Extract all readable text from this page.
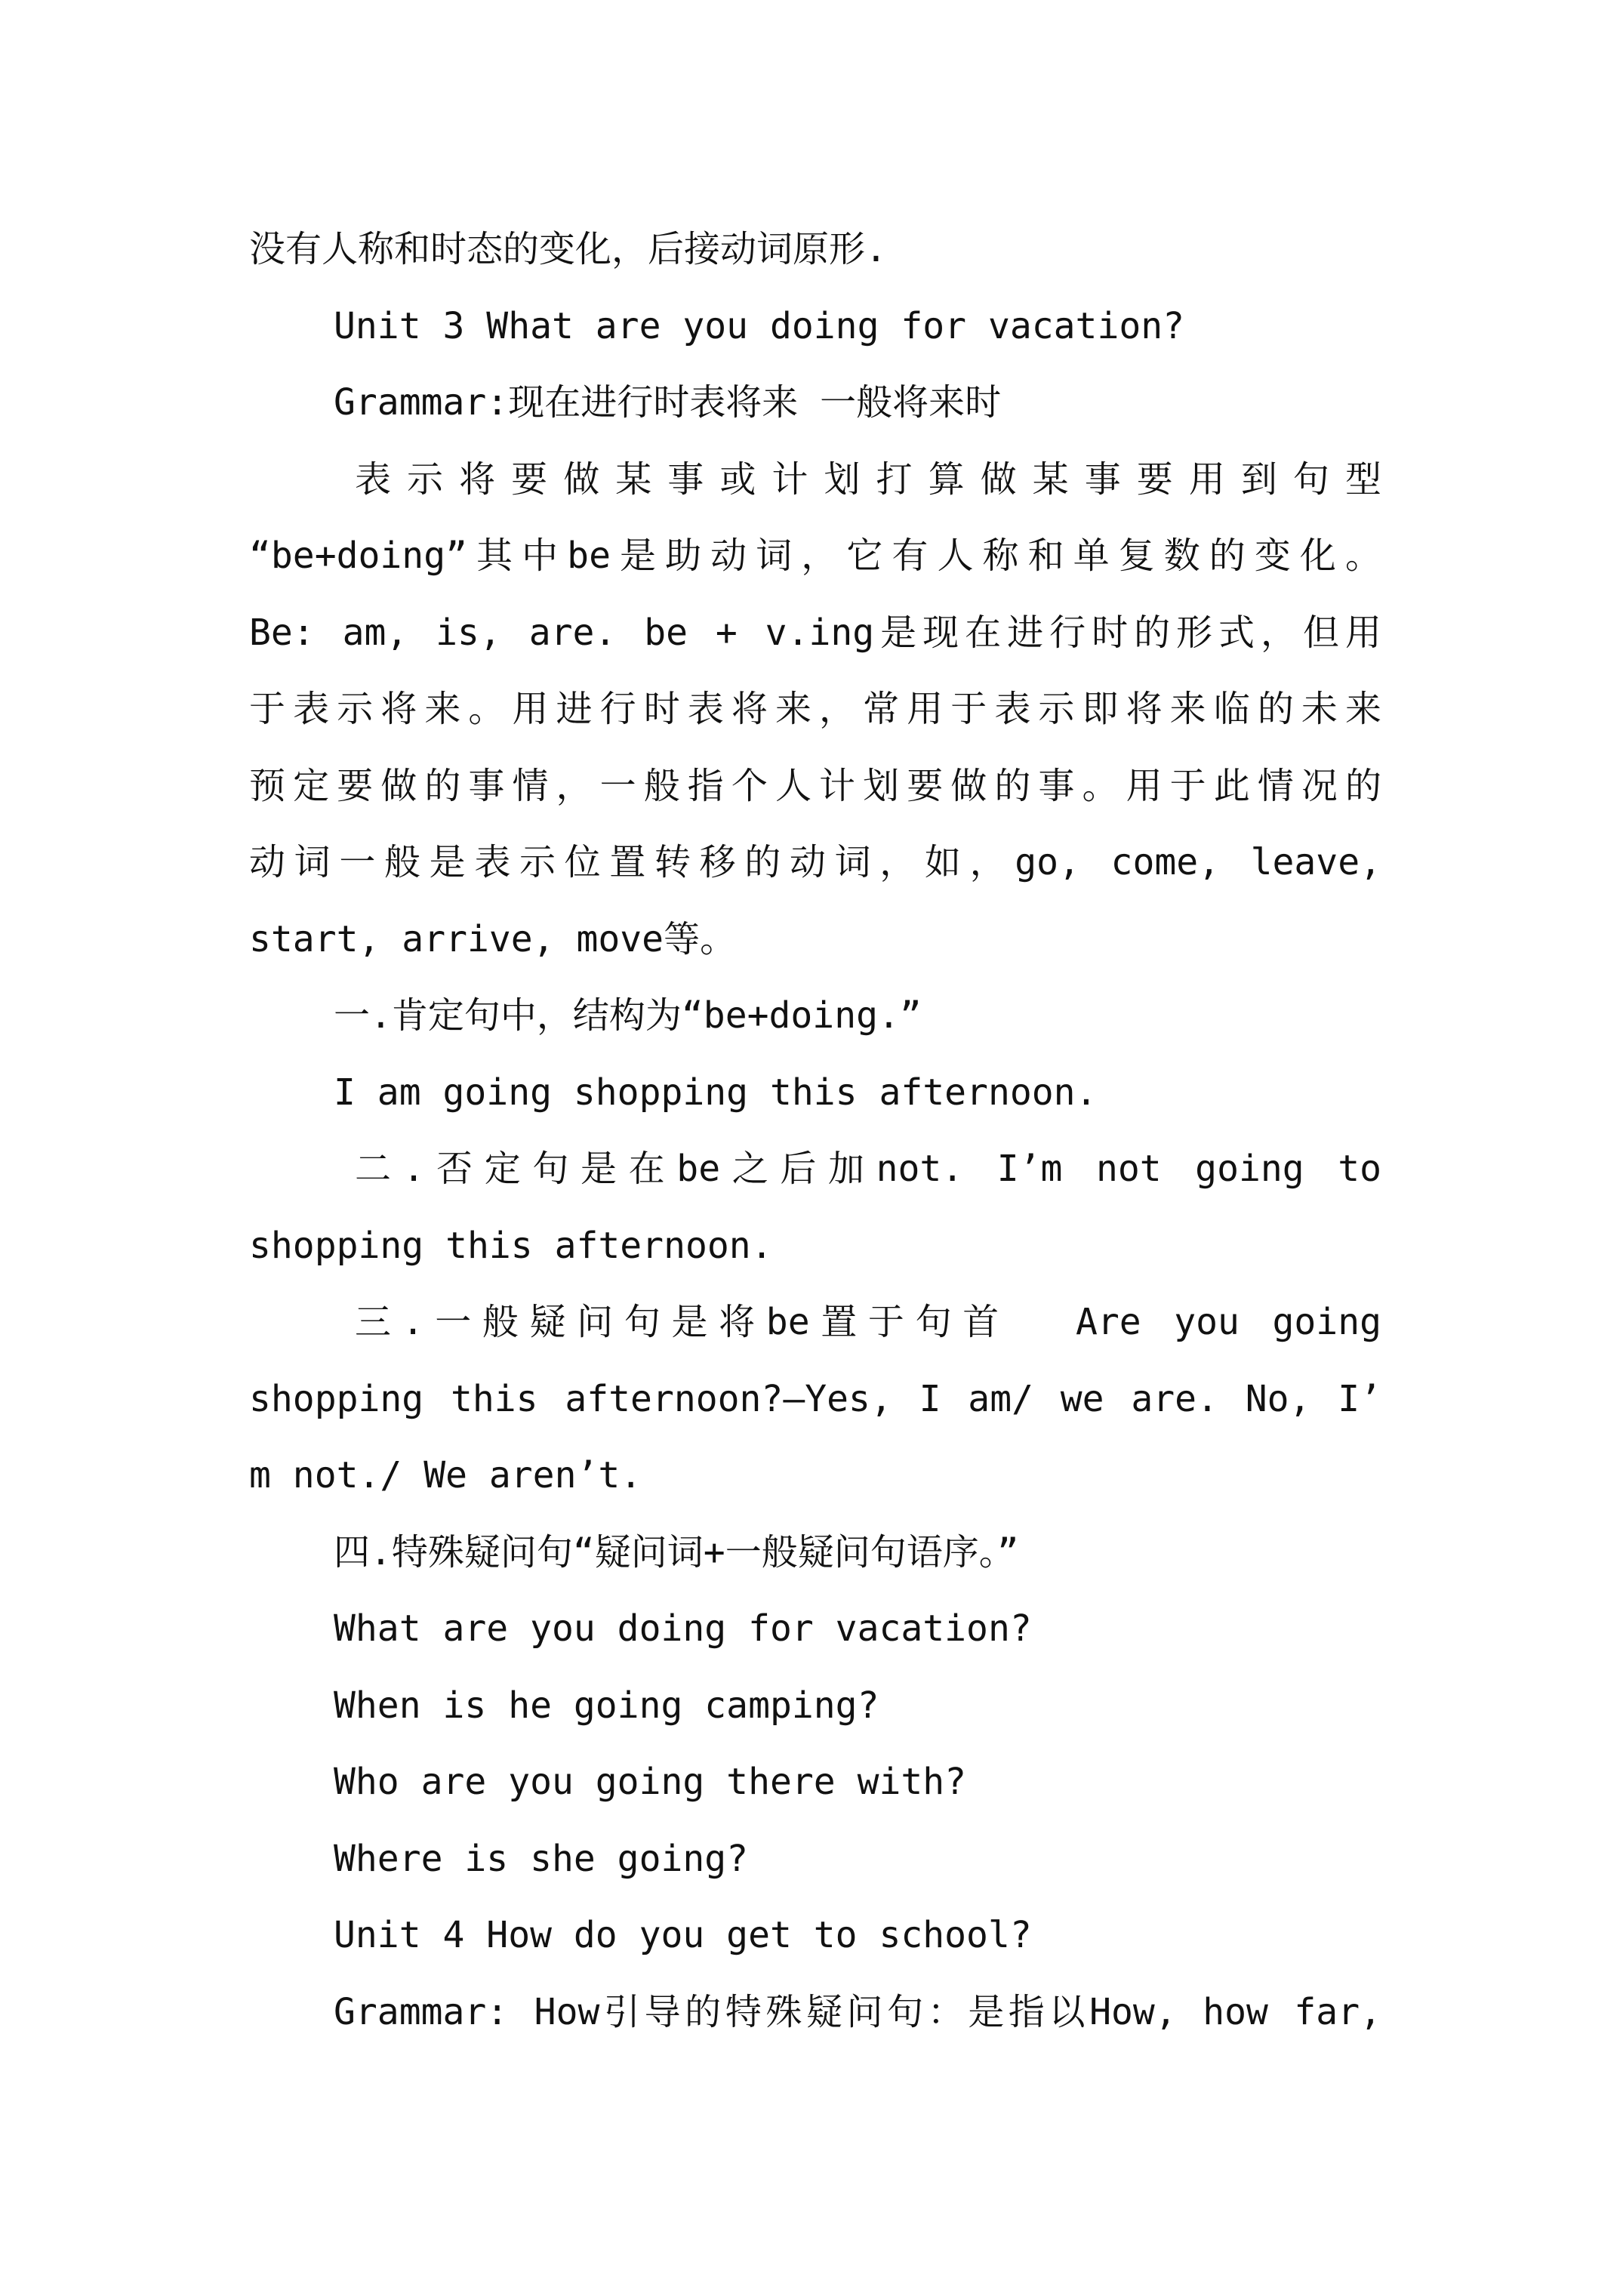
没有人称和时态的变化，后接动词原形.
Unit 3 What are you doing for vacation?
Grammar:现在进行时表将来 一般将来时
表示将要做某事或计划打算做某事要用到句型
“be+doing”其中be是助动词，它有人称和单复数的变化。
Be: am, is, are. be + v.ing是现在进行时的形式，但用
于表示将来。用进行时表将来，常用于表示即将来临的未来
预定要做的事情，一般指个人计划要做的事。用于此情况的
动词一般是表示位置转移的动词，如，go, come, leave,
start, arrive, move等。
一.肯定句中，结构为“be+doing.”
I am going shopping this afternoon.
二.否定句是在be之后加not. I’m not going to
shopping this afternoon.
三.一般疑问句是将be置于句首  Are you going
shopping this afternoon?—Yes, I am/ we are. No, I’
m not./ We aren’t.
四.特殊疑问句“疑问词+一般疑问句语序。”
What are you doing for vacation?
When is he going camping?
Who are you going there with?
Where is she going?
Unit 4 How do you get to school?
Grammar: How引导的特殊疑问句：是指以How, how far,
